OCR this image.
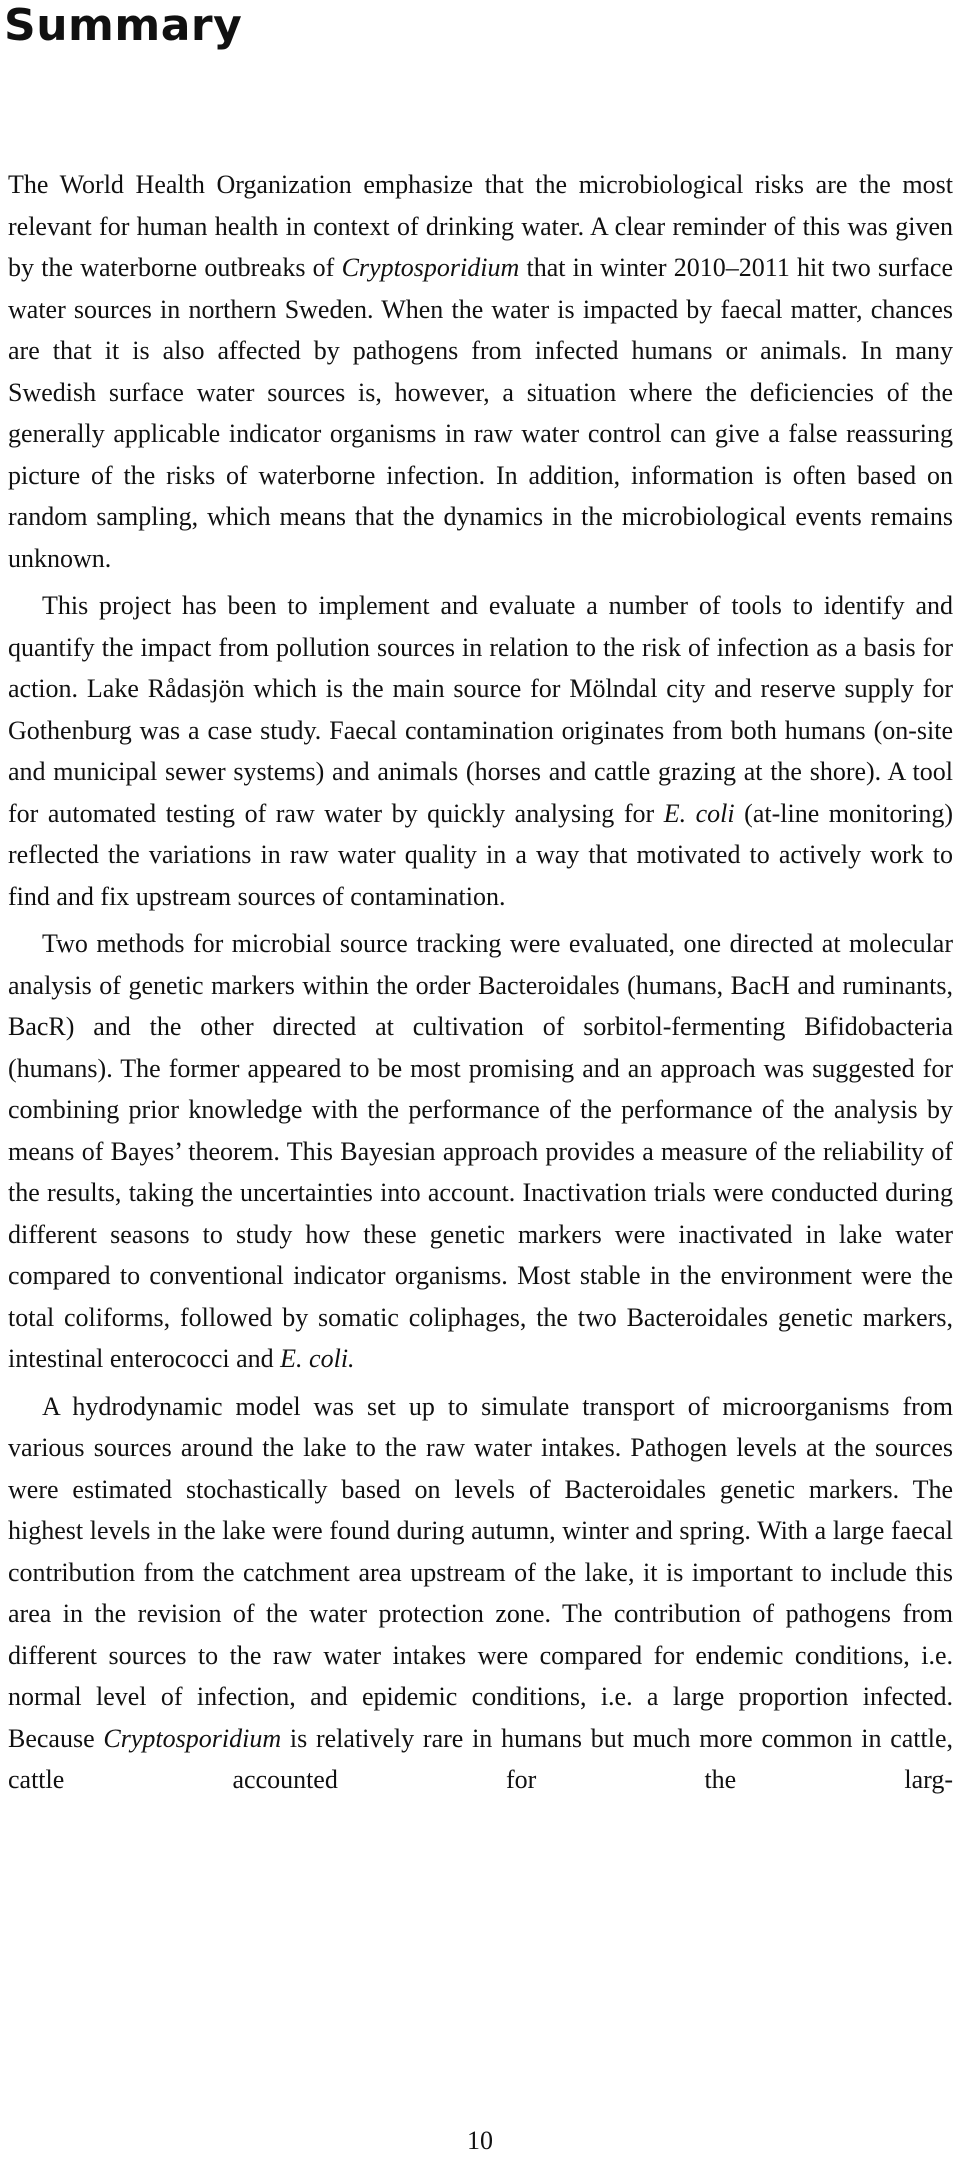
Summary

The World Health Organization emphasize that the microbiological risks are the most relevant for human health in context of drinking water. A clear reminder of this was given by the waterborne outbreaks of Cryptosporidium that in winter 2010–2011 hit two surface water sources in northern Sweden. When the water is impacted by faecal matter, chances are that it is also affected by pathogens from infected humans or animals. In many Swedish surface water sources is, however, a situation where the deficiencies of the generally applicable indicator organisms in raw water control can give a false reassuring picture of the risks of waterborne infection. In addition, information is often based on random sampling, which means that the dynamics in the microbiological events remains unknown.

This project has been to implement and evaluate a number of tools to identify and quantify the impact from pollution sources in relation to the risk of infection as a basis for action. Lake Rådasjön which is the main source for Mölndal city and reserve supply for Gothenburg was a case study. Faecal contamination originates from both humans (on-site and municipal sewer systems) and animals (horses and cattle grazing at the shore). A tool for automated testing of raw water by quickly analysing for E. coli (at-line monitoring) reflected the variations in raw water quality in a way that motivated to actively work to find and fix upstream sources of contamination.

Two methods for microbial source tracking were evaluated, one directed at molecular analysis of genetic markers within the order Bacteroidales (humans, BacH and ruminants, BacR) and the other directed at cultivation of sorbitol-fermenting Bifidobacteria (humans). The former appeared to be most promising and an approach was suggested for combining prior knowledge with the performance of the performance of the analysis by means of Bayes’ theorem. This Bayesian approach provides a measure of the reliability of the results, taking the uncertainties into account. Inactivation trials were conducted during different seasons to study how these genetic markers were inactivated in lake water compared to conventional indicator organisms. Most stable in the environment were the total coliforms, followed by somatic coliphages, the two Bacteroidales genetic markers, intestinal enterococci and E. coli.

A hydrodynamic model was set up to simulate transport of microorganisms from various sources around the lake to the raw water intakes. Pathogen levels at the sources were estimated stochastically based on levels of Bacteroidales genetic markers. The highest levels in the lake were found during autumn, winter and spring. With a large faecal contribution from the catchment area upstream of the lake, it is important to include this area in the revision of the water protection zone. The contribution of pathogens from different sources to the raw water intakes were compared for endemic conditions, i.e. normal level of infection, and epidemic conditions, i.e. a large proportion infected. Because Cryptosporidium is relatively rare in humans but much more common in cattle, cattle accounted for the larg-

10
